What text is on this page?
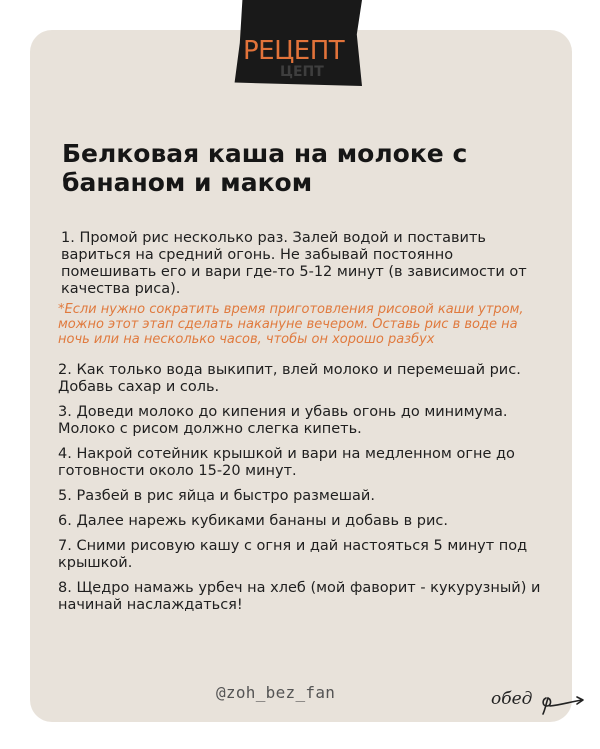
РЕЦЕПТ
ЦЕПТ
Белковая каша на молоке с бананом и маком

1. Промой рис несколько раз. Залей водой и поставить вариться на средний огонь. Не забывай постоянно помешивать его и вари где-то 5-12 минут (в зависимости от качества риса).

*Если нужно сократить время приготовления рисовой каши утром, можно этот этап сделать накануне вечером. Оставь рис в воде на ночь или на несколько часов, чтобы он хорошо разбух

2. Как только вода выкипит, влей молоко и перемешай рис. Добавь сахар и соль.

3. Доведи молоко до кипения и убавь огонь до минимума. Молоко с рисом должно слегка кипеть.

4. Накрой сотейник крышкой и вари на медленном огне до готовности около 15-20 минут.

5. Разбей в рис яйца и быстро размешай.

6. Далее нарежь кубиками бананы и добавь в рис.

7. Сними рисовую кашу с огня и дай настояться 5 минут под крышкой.

8. Щедро намажь урбеч на хлеб (мой фаворит - кукурузный) и начинай наслаждаться!

@zoh_bez_fan	обед
